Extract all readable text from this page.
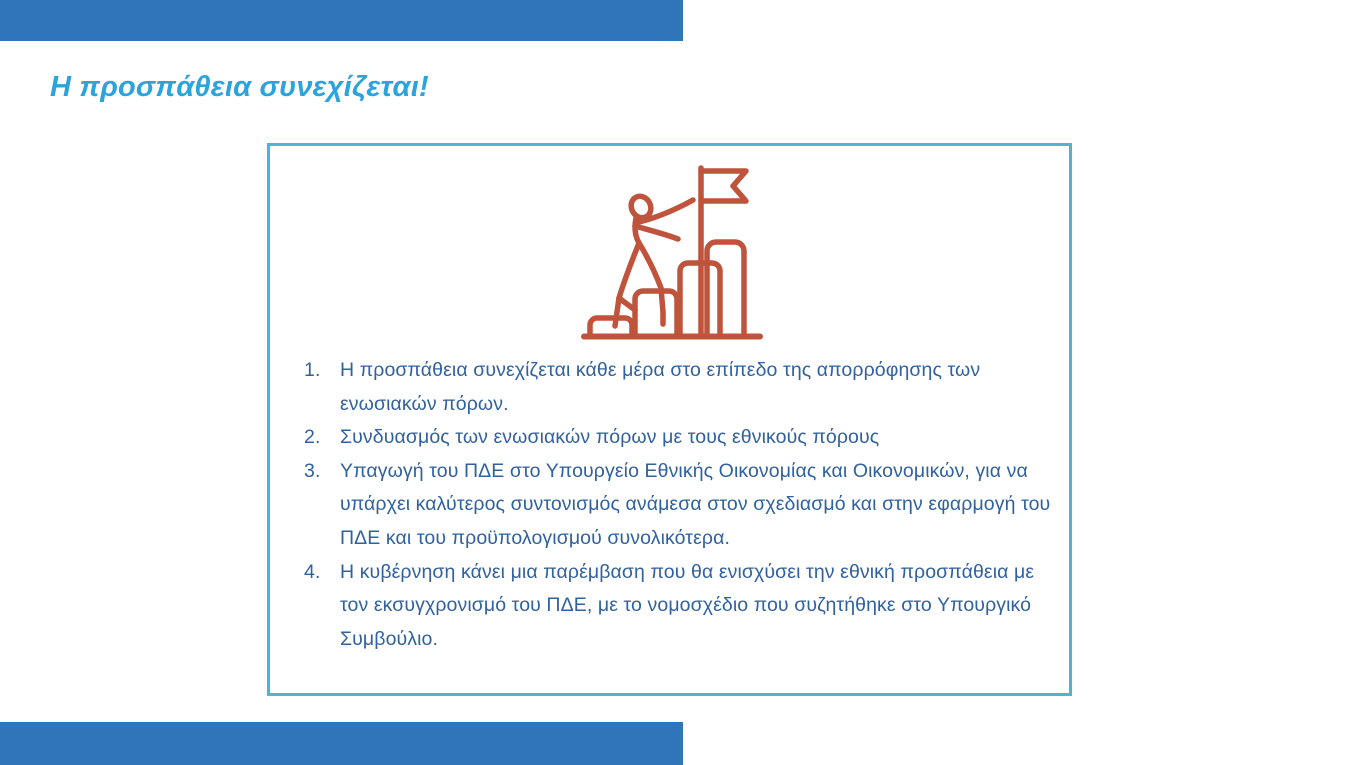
Η προσπάθεια συνεχίζεται!
Η προσπάθεια συνεχίζεται κάθε μέρα στο επίπεδο της απορρόφησης των ενωσιακών πόρων.
Συνδυασμός των ενωσιακών πόρων με τους εθνικούς πόρους
Υπαγωγή του ΠΔΕ στο Υπουργείο Εθνικής Οικονομίας και Οικονομικών, για να υπάρχει καλύτερος συντονισμός ανάμεσα στον σχεδιασμό και στην εφαρμογή του ΠΔΕ και του προϋπολογισμού συνολικότερα.
Η κυβέρνηση κάνει μια παρέμβαση που θα ενισχύσει την εθνική προσπάθεια με τον εκσυγχρονισμό του ΠΔΕ, με το νομοσχέδιο που συζητήθηκε στο Υπουργικό Συμβούλιο.
